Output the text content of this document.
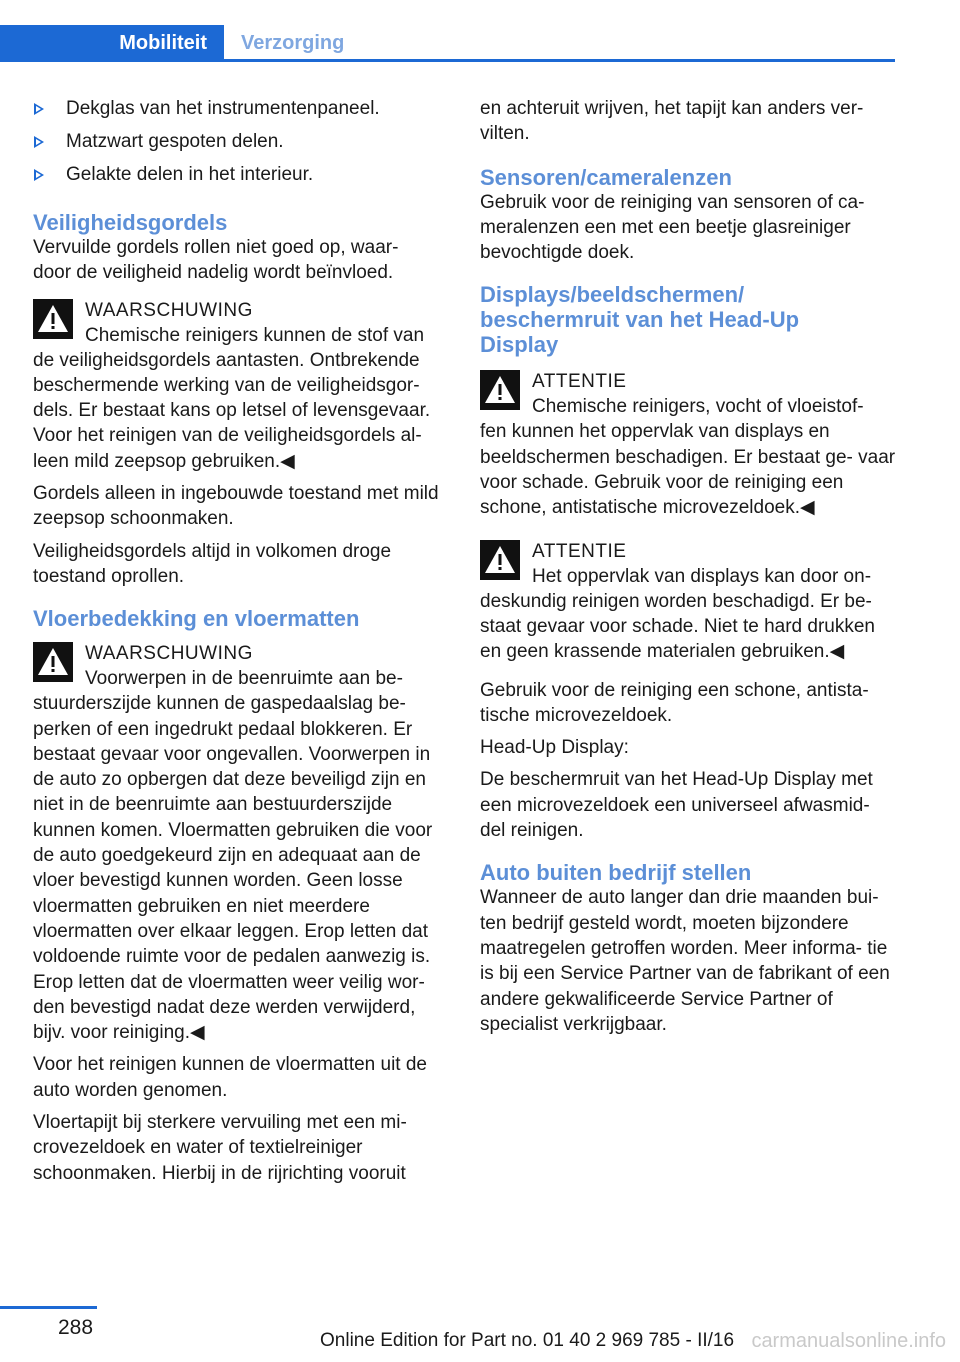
Mobiliteit	Verzorging
Dekglas van het instrumentenpaneel.
Matzwart gespoten delen.
Gelakte delen in het interieur.
Veiligheidsgordels

Vervuilde gordels rollen niet goed op, waar‐
door de veiligheid nadelig wordt beïnvloed.

WAARSCHUWING
Chemische reinigers kunnen de stof van
de veiligheidsgordels aantasten. Ontbrekende beschermende werking van de veiligheidsgor‐ dels. Er bestaat kans op letsel of levensgevaar. Voor het reinigen van de veiligheidsgordels al‐ leen mild zeepsop gebruiken.◀

Gordels alleen in ingebouwde toestand met mild zeepsop schoonmaken.

Veiligheidsgordels altijd in volkomen droge toestand oprollen.

Vloerbedekking en vloermatten
WAARSCHUWING
Voorwerpen in de beenruimte aan be‐
stuurderszijde kunnen de gaspedaalslag be‐ perken of een ingedrukt pedaal blokkeren. Er bestaat gevaar voor ongevallen. Voorwerpen in de auto zo opbergen dat deze beveiligd zijn en niet in de beenruimte aan bestuurderszijde kunnen komen. Vloermatten gebruiken die voor de auto goedgekeurd zijn en adequaat aan de vloer bevestigd kunnen worden. Geen losse vloermatten gebruiken en niet meerdere vloermatten over elkaar leggen. Erop letten dat voldoende ruimte voor de pedalen aanwezig is. Erop letten dat de vloermatten weer veilig wor‐ den bevestigd nadat deze werden verwijderd, bijv. voor reiniging.◀

Voor het reinigen kunnen de vloermatten uit de auto worden genomen.

Vloertapijt bij sterkere vervuiling met een mi‐ crovezeldoek en water of textielreiniger schoonmaken. Hierbij in de rijrichting vooruit

en achteruit wrijven, het tapijt kan anders ver‐ vilten.

Sensoren/cameralenzen

Gebruik voor de reiniging van sensoren of ca‐ meralenzen een met een beetje glasreiniger bevochtigde doek.

Displays/beeldschermen/
beschermruit van het Head-Up
Display
ATTENTIE
Chemische reinigers, vocht of vloeistof‐
fen kunnen het oppervlak van displays en beeldschermen beschadigen. Er bestaat ge‐ vaar voor schade. Gebruik voor de reiniging een schone, antistatische microvezeldoek.◀
ATTENTIE
Het oppervlak van displays kan door on‐
deskundig reinigen worden beschadigd. Er be‐ staat gevaar voor schade. Niet te hard drukken en geen krassende materialen gebruiken.◀

Gebruik voor de reiniging een schone, antista‐ tische microvezeldoek.

Head-Up Display:

De beschermruit van het Head-Up Display met een microvezeldoek een universeel afwasmid‐ del reinigen.

Auto buiten bedrijf stellen

Wanneer de auto langer dan drie maanden bui‐ ten bedrijf gesteld wordt, moeten bijzondere maatregelen getroffen worden. Meer informa‐ tie is bij een Service Partner van de fabrikant of een andere gekwalificeerde Service Partner of specialist verkrijgbaar.

288
Online Edition for Part no. 01 40 2 969 785 - II/16 carmanualsonline.info
